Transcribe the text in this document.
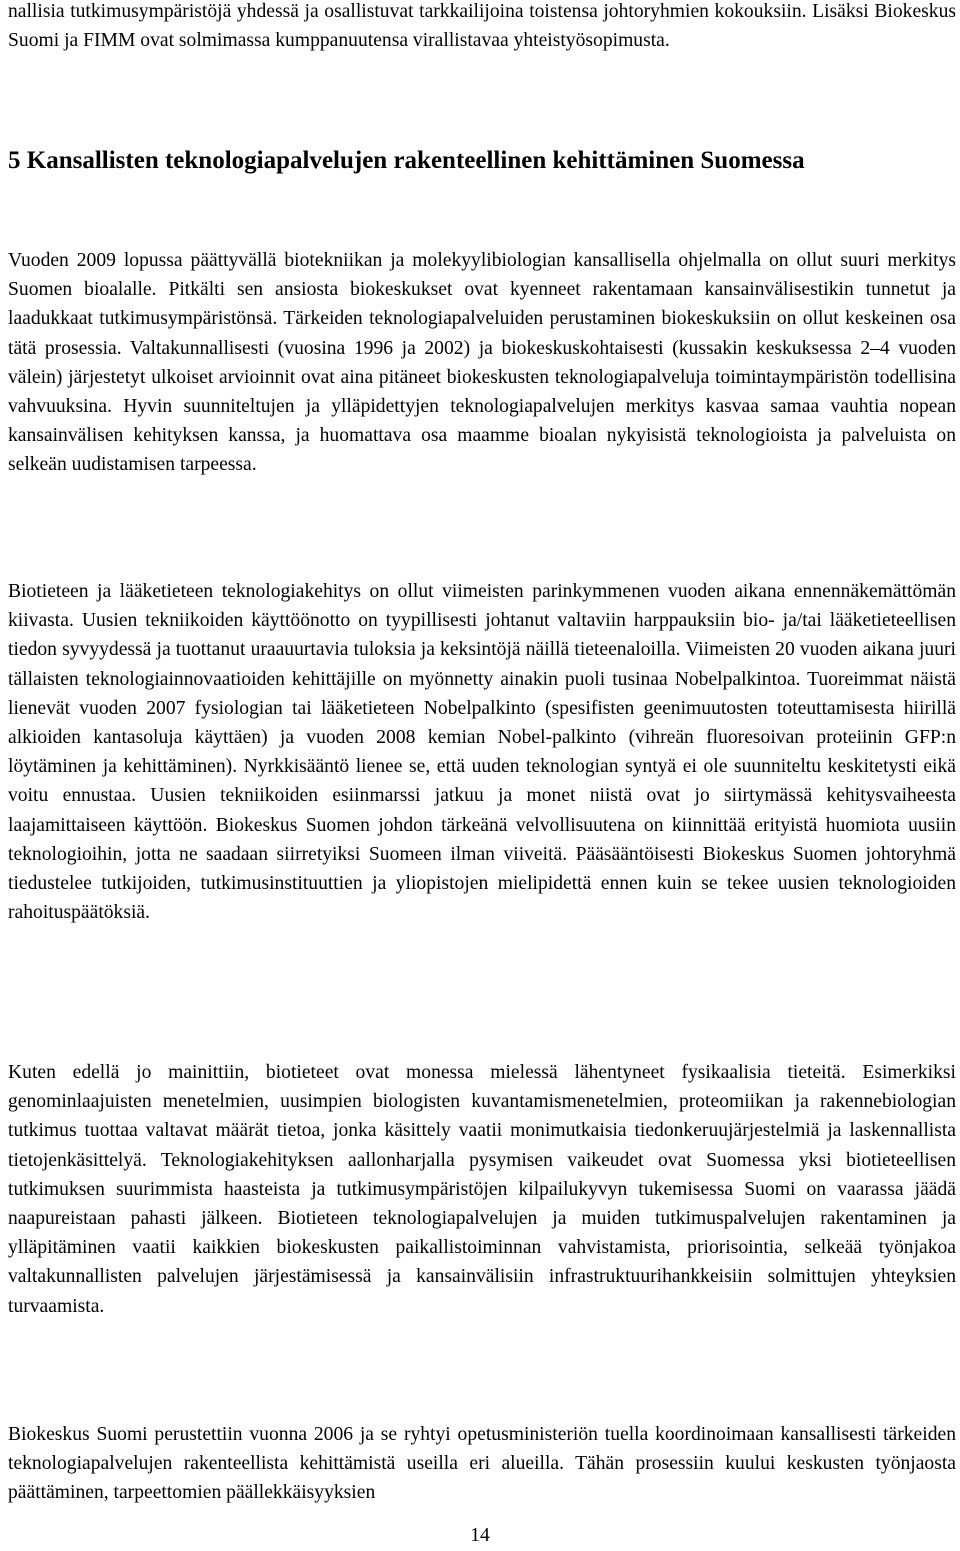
nallisia tutkimusympäristöjä yhdessä ja osallistuvat tarkkailijoina toistensa johtoryhmien kokouksiin. Lisäksi Biokeskus Suomi ja FIMM ovat solmimassa kumppanuutensa virallistavaa yhteistyösopimusta.

5 Kansallisten teknologiapalvelujen rakenteellinen kehittäminen Suomessa

Vuoden 2009 lopussa päättyvällä biotekniikan ja molekyylibiologian kansallisella ohjelmalla on ollut suuri merkitys Suomen bioalalle. Pitkälti sen ansiosta biokeskukset ovat kyenneet rakentamaan kansainvälisestikin tunnetut ja laadukkaat tutkimusympäristönsä. Tärkeiden teknologiapalveluiden perustaminen biokeskuksiin on ollut keskeinen osa tätä prosessia. Valtakunnallisesti (vuosina 1996 ja 2002) ja biokeskuskohtaisesti (kussakin keskuksessa 2–4 vuoden välein) järjestetyt ulkoiset arvioinnit ovat aina pitäneet biokeskusten teknologiapalveluja toimintaympäristön todellisina vahvuuksina. Hyvin suunniteltujen ja ylläpidettyjen teknologiapalvelujen merkitys kasvaa samaa vauhtia nopean kansainvälisen kehityksen kanssa, ja huomattava osa maamme bioalan nykyisistä teknologioista ja palveluista on selkeän uudistamisen tarpeessa.

Biotieteen ja lääketieteen teknologiakehitys on ollut viimeisten parinkymmenen vuoden aikana ennennäkemättömän kiivasta. Uusien tekniikoiden käyttöönotto on tyypillisesti johtanut valtaviin harppauksiin bio- ja/tai lääketieteellisen tiedon syvyydessä ja tuottanut uraauurtavia tuloksia ja keksintöjä näillä tieteenaloilla. Viimeisten 20 vuoden aikana juuri tällaisten teknologiainnovaatioiden kehittäjille on myönnetty ainakin puoli tusinaa Nobelpalkintoa. Tuoreimmat näistä lienevät vuoden 2007 fysiologian tai lääketieteen Nobelpalkinto (spesifisten geenimuutosten toteuttamisesta hiirillä alkioiden kantasoluja käyttäen) ja vuoden 2008 kemian Nobel-palkinto (vihreän fluoresoivan proteiinin GFP:n löytäminen ja kehittäminen). Nyrkkisääntö lienee se, että uuden teknologian syntyä ei ole suunniteltu keskitetysti eikä voitu ennustaa. Uusien tekniikoiden esiinmarssi jatkuu ja monet niistä ovat jo siirtymässä kehitysvaiheesta laajamittaiseen käyttöön. Biokeskus Suomen johdon tärkeänä velvollisuutena on kiinnittää erityistä huomiota uusiin teknologioihin, jotta ne saadaan siirretyiksi Suomeen ilman viiveitä. Pääsääntöisesti Biokeskus Suomen johtoryhmä tiedustelee tutkijoiden, tutkimusinstituuttien ja yliopistojen mielipidettä ennen kuin se tekee uusien teknologioiden rahoituspäätöksiä.

Kuten edellä jo mainittiin, biotieteet ovat monessa mielessä lähentyneet fysikaalisia tieteitä. Esimerkiksi genominlaajuisten menetelmien, uusimpien biologisten kuvantamismenetelmien, proteomiikan ja rakennebiologian tutkimus tuottaa valtavat määrät tietoa, jonka käsittely vaatii monimutkaisia tiedonkeruujärjestelmiä ja laskennallista tietojenkäsittelyä. Teknologiakehityksen aallonharjalla pysymisen vaikeudet ovat Suomessa yksi biotieteellisen tutkimuksen suurimmista haasteista ja tutkimusympäristöjen kilpailukyvyn tukemisessa Suomi on vaarassa jäädä naapureistaan pahasti jälkeen. Biotieteen teknologiapalvelujen ja muiden tutkimuspalvelujen rakentaminen ja ylläpitäminen vaatii kaikkien biokeskusten paikallistoiminnan vahvistamista, priorisointia, selkeää työnjakoa valtakunnallisten palvelujen järjestämisessä ja kansainvälisiin infrastruktuurihankkeisiin solmittujen yhteyksien turvaamista.

Biokeskus Suomi perustettiin vuonna 2006 ja se ryhtyi opetusministeriön tuella koordinoimaan kansallisesti tärkeiden teknologiapalvelujen rakenteellista kehittämistä useilla eri alueilla. Tähän prosessiin kuului keskusten työnjaosta päättäminen, tarpeettomien päällekkäisyyksien

14
